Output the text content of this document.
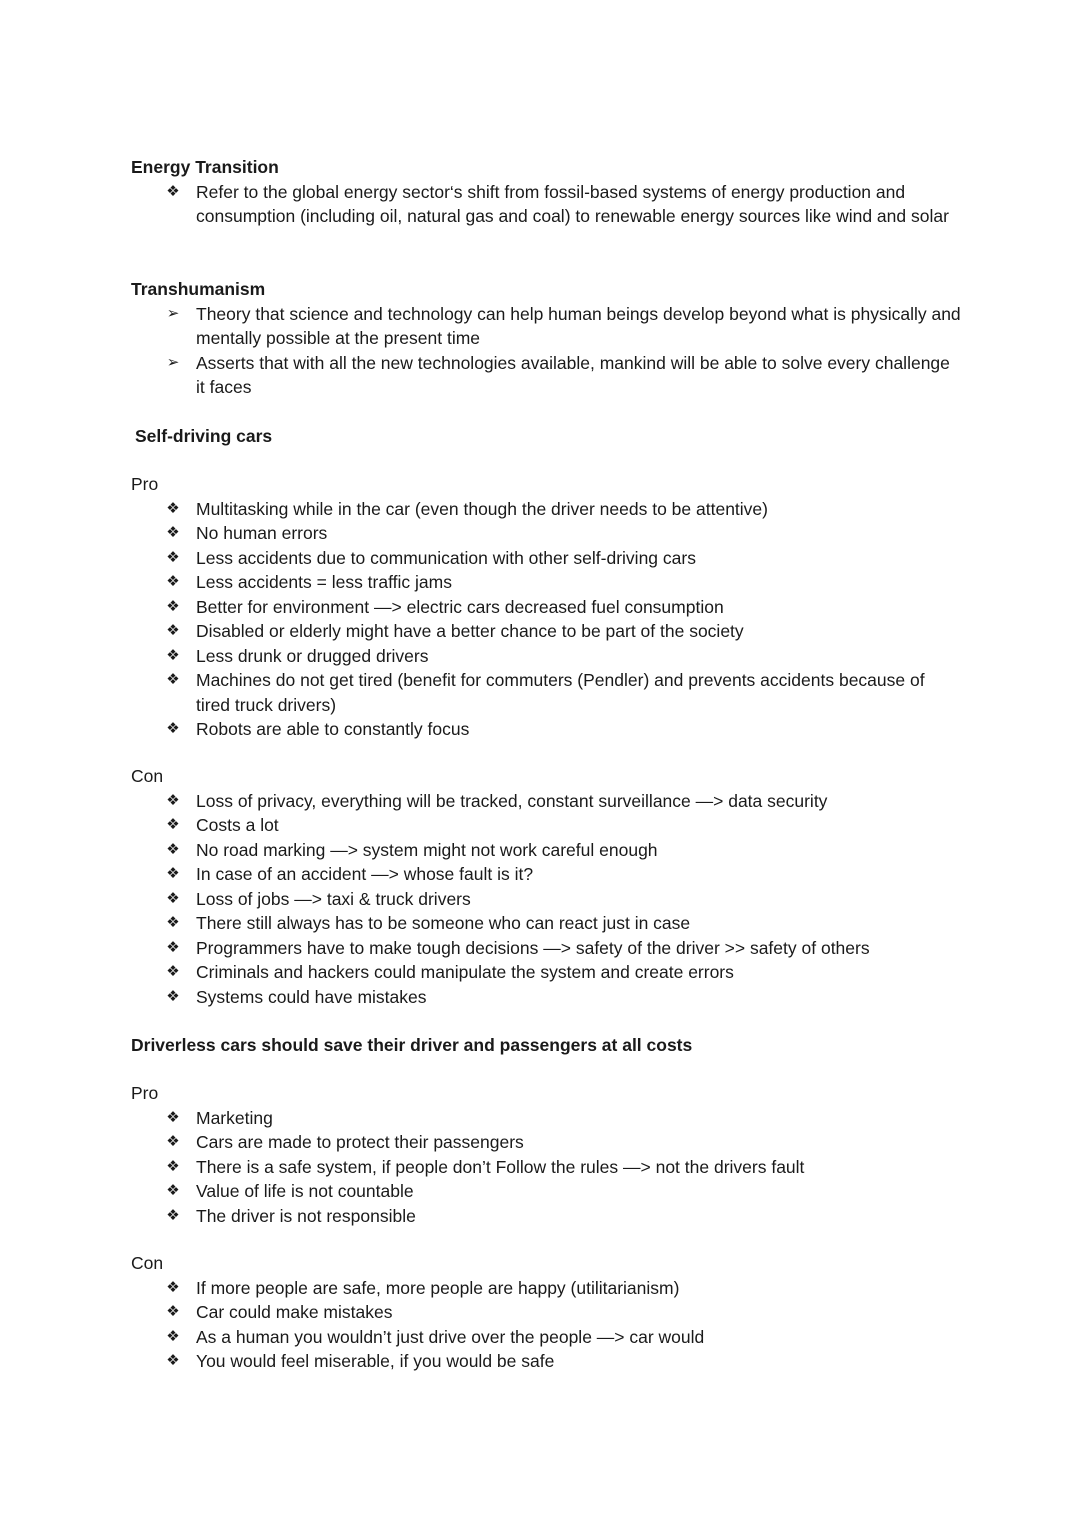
Energy Transition

❖ Refer to the global energy sector‘s shift from fossil-based systems of energy production and consumption (including oil, natural gas and coal) to renewable energy sources like wind and solar

Transhumanism

➢ Theory that science and technology can help human beings develop beyond what is physically and mentally possible at the present time
➢ Asserts that with all the new technologies available, mankind will be able to solve every challenge it faces

Self-driving cars

Pro

❖ Multitasking while in the car (even though the driver needs to be attentive)
❖ No human errors
❖ Less accidents due to communication with other self-driving cars
❖ Less accidents = less traffic jams
❖ Better for environment —> electric cars decreased fuel consumption
❖ Disabled or elderly might have a better chance to be part of the society
❖ Less drunk or drugged drivers
❖ Machines do not get tired (benefit for commuters (Pendler) and prevents accidents because of tired truck drivers)
❖ Robots are able to constantly focus

Con

❖ Loss of privacy, everything will be tracked, constant surveillance —> data security
❖ Costs a lot
❖ No road marking —> system might not work careful enough
❖ In case of an accident —> whose fault is it?
❖ Loss of jobs —> taxi & truck drivers
❖ There still always has to be someone who can react just in case
❖ Programmers have to make tough decisions —> safety of the driver >> safety of others
❖ Criminals and hackers could manipulate the system and create errors
❖ Systems could have mistakes

Driverless cars should save their driver and passengers at all costs

Pro

❖ Marketing
❖ Cars are made to protect their passengers
❖ There is a safe system, if people don’t Follow the rules —> not the drivers fault
❖ Value of life is not countable
❖ The driver is not responsible

Con

❖ If more people are safe, more people are happy (utilitarianism)
❖ Car could make mistakes
❖ As a human you wouldn’t just drive over the people —> car would
❖ You would feel miserable, if you would be safe
